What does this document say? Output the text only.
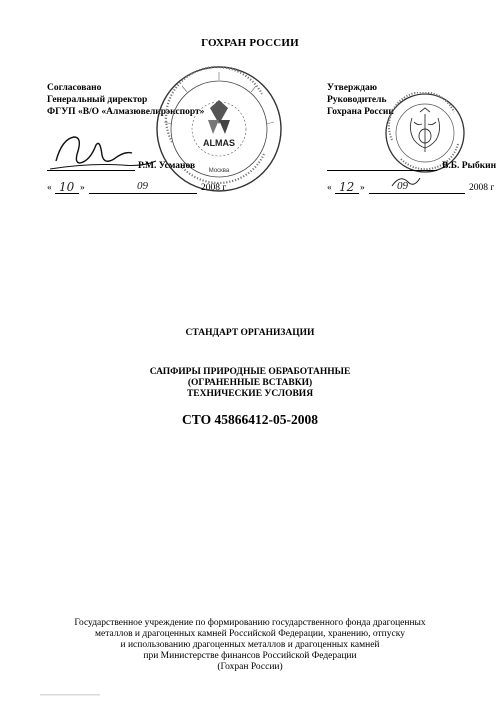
ГОХРАН РОССИИ
Согласовано
Генеральный директор
ФГУП «В/О «Алмазювелирэкспорт»
Утверждаю
Руководитель
Гохрана России
ALMAS
Москва
Р.М. Усманов	В.Б. Рыбкин
« 10 »	09	2008 г	« 12 »	09	2008 г
СТАНДАРТ ОРГАНИЗАЦИИ
САПФИРЫ ПРИРОДНЫЕ ОБРАБОТАННЫЕ
(ОГРАНЕННЫЕ ВСТАВКИ)
ТЕХНИЧЕСКИЕ УСЛОВИЯ
СТО 45866412-05-2008
Государственное учреждение по формированию государственного фонда драгоценных
металлов и драгоценных камней Российской Федерации, хранению, отпуску
и использованию драгоценных металлов и драгоценных камней
при Министерстве финансов Российской Федерации
(Гохран России)
